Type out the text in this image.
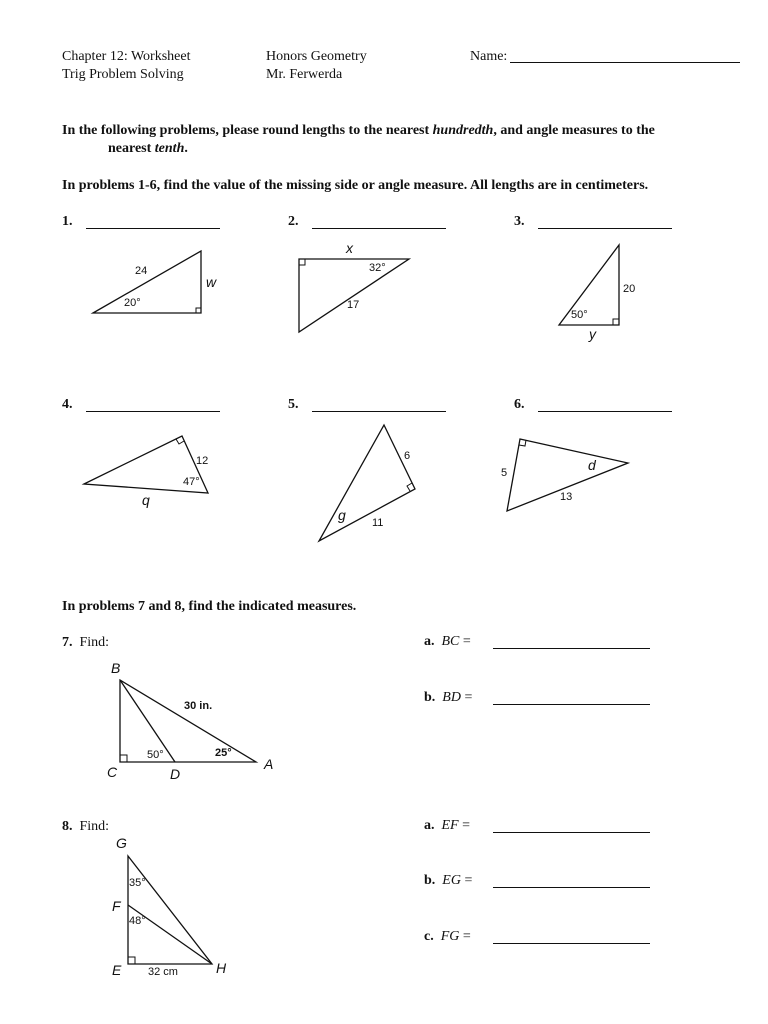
Chapter 12: Worksheet
Trig Problem Solving
Honors Geometry
Mr. Ferwerda
Name:
In the following problems, please round lengths to the nearest hundredth, and angle measures to the
nearest tenth.
In problems 1-6, find the value of the missing side or angle measure. All lengths are in centimeters.
1.	2.	3.
4.	5.	6.
24
20°
w
x
32°
17
20
50°
y
12
47°
q
6
11
g
5
13
d
In problems 7 and 8, find the indicated measures.
7. Find:
B
C	D
A
30 in.
50°	25°
a. BC =
b. BD =
8. Find:
G
F
E	H
35°
48°
32 cm
a. EF =
b. EG =
c. FG =
